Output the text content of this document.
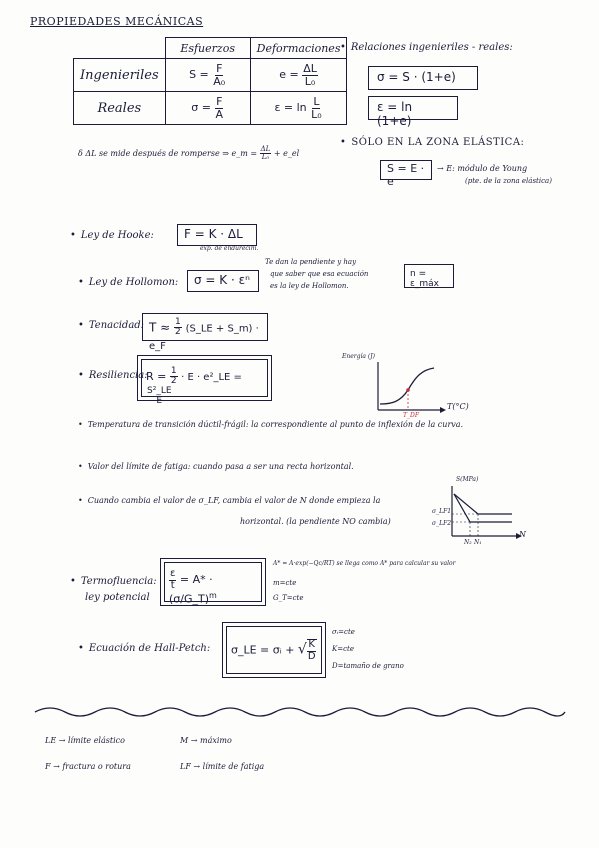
PROPIEDADES MECÁNICAS
	Esfuerzos	Deformaciones
Ingenieriles	$S = \frac{F}{\text{A₀}}$	$e = \frac{\Delta L}{\text{L₀}}$

Reales	$\sigma = \frac{F}{A}$	$\varepsilon = \ln \frac{L}{\text{L₀}}$
• Relaciones ingenieriles - reales:
σ = S · (1+e)
ε = ln (1+e)
• SÓLO EN LA ZONA ELÁSTICA:
S = E · e
→ E: módulo de Young
(pte. de la zona elástica)
δ ΔL se mide después de romperse ⇒ e_m = $\frac{\Delta L}{\text{L₀}}$ + e_el
• Ley de Hooke:	F = K · ΔL
exp. de endurecim.
• Ley de Hollomon:	σ = K · εⁿ
Te dan la pendiente y hay
que saber que esa ecuación
es la ley de Hollomon.
n = ε_máx
• Tenacidad: $T \approx \frac{1}{2}$ (S_LE + S_m) · e_F
• Resiliencia:
$R = \frac{1}{2} \cdot E$ · e²_LE =
$\frac{\text{S²\_LE}}{E}$
Energía (J)
T(°C)
T_DF
• Temperatura de transición dúctil-frágil: la correspondiente al punto de inflexión de la curva.
• Valor del límite de fatiga: cuando pasa a ser una recta horizontal.
• Cuando cambia el valor de σ_LF, cambia el valor de N donde empieza la
horizontal. (la pendiente NO cambia)
S(MPa)
σ_LF1
σ_LF2
N₂ N₁
N
• Termofluencia:
ley potencial
$\frac{\varepsilon}{t} = A*$ · (σ/G_T)$^m$
A* = A·exp(−Qc/RT) se llega como A* para calcular su valor
m=cte
G_T=cte
• Ecuación de Hall-Petch:	σ_LE = σᵢ + √ $\frac{K}{D}$
σᵢ=cte
K=cte
D=tamaño de grano
LE → límite elástico	M → máximo
F → fractura o rotura	LF → límite de fatiga
